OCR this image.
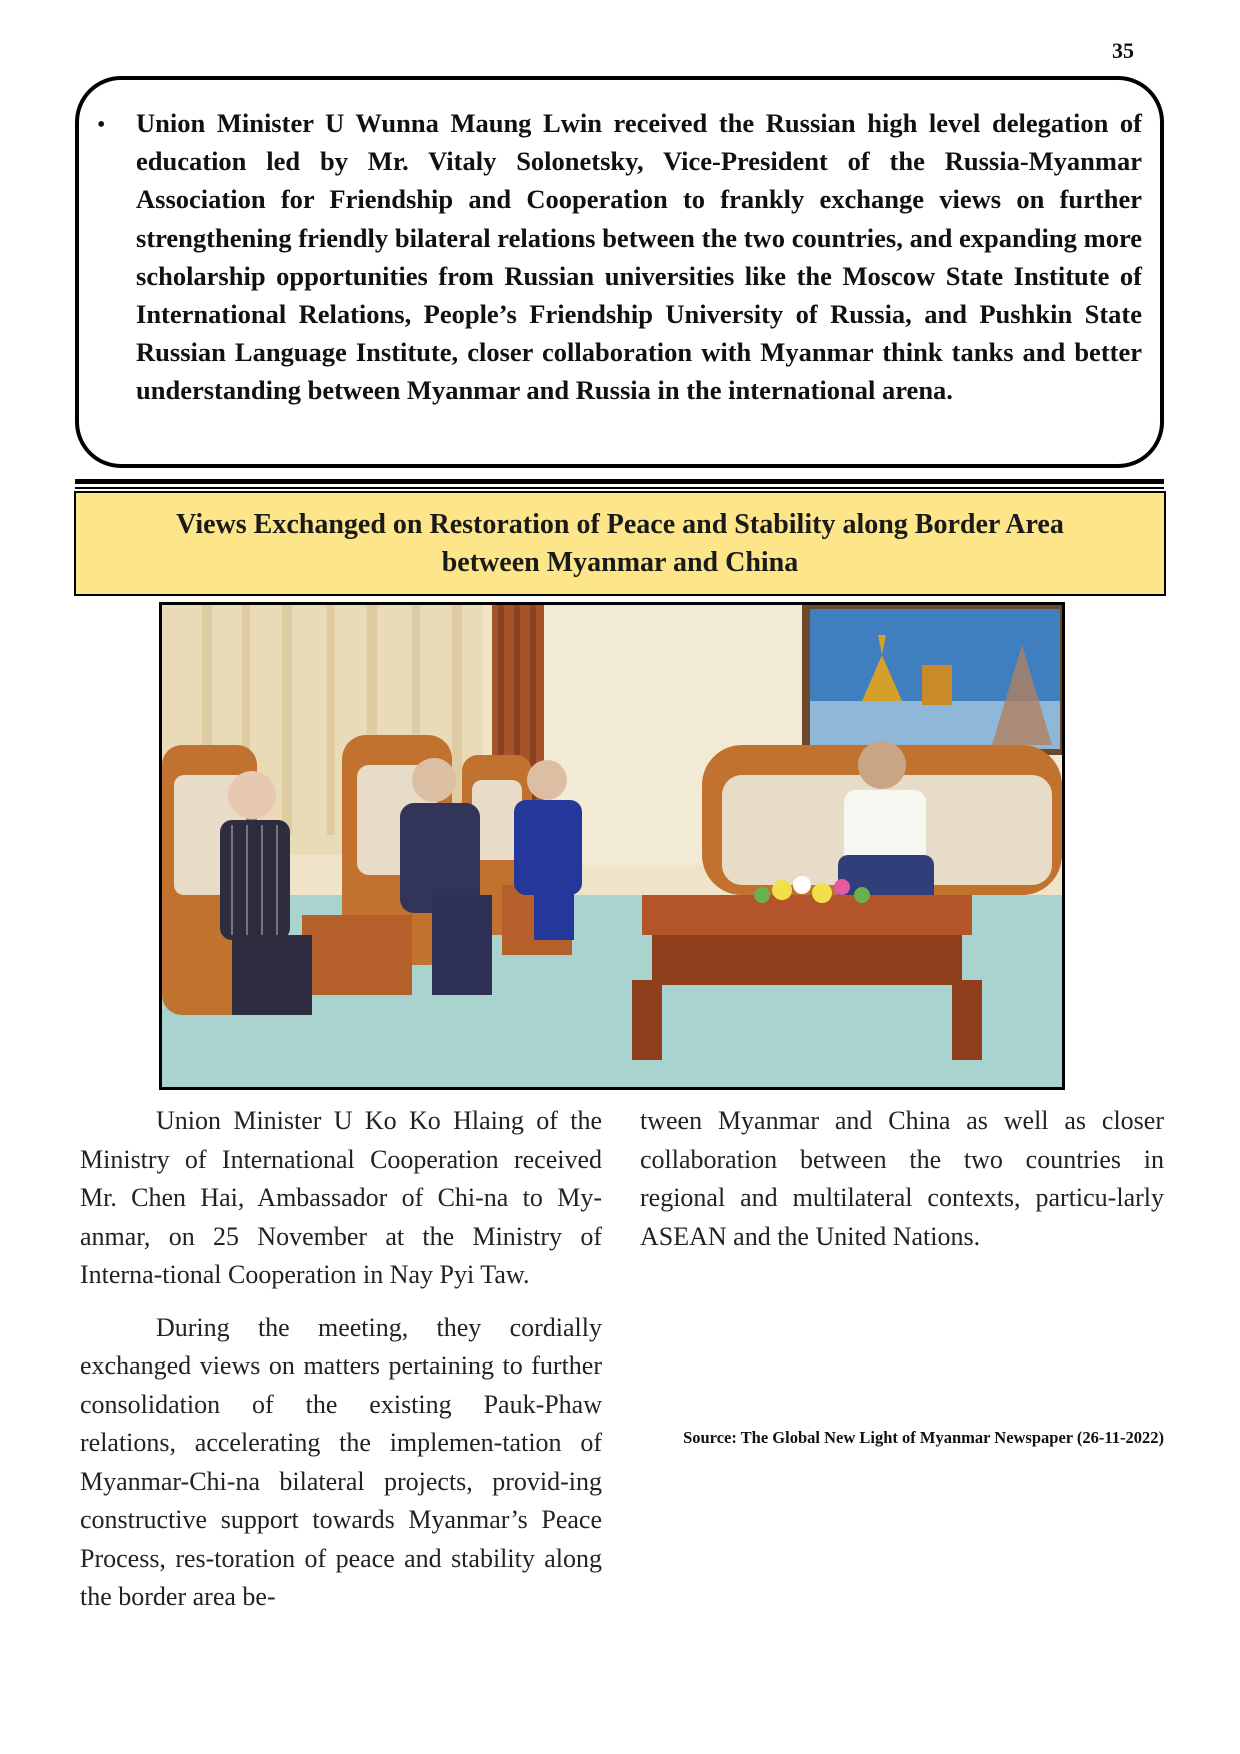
35
• Union Minister U Wunna Maung Lwin received the Russian high level delegation of education led by Mr. Vitaly Solonetsky, Vice-President of the Russia-Myanmar Association for Friendship and Cooperation to frankly exchange views on further strengthening friendly bilateral relations between the two countries, and expanding more scholarship opportunities from Russian universities like the Moscow State Institute of International Relations, People’s Friendship University of Russia, and Pushkin State Russian Language Institute, closer collaboration with Myanmar think tanks and better understanding between Myanmar and Russia in the international arena.

Views Exchanged on Restoration of Peace and Stability along Border Area
between Myanmar and China

Union Minister U Ko Ko Hlaing of the Ministry of International Cooperation received Mr. Chen Hai, Ambassador of Chi-na to My-anmar, on 25 November at the Ministry of Interna-tional Cooperation in Nay Pyi Taw.

During the meeting, they cordially exchanged views on matters pertaining to further consolidation of the existing Pauk-Phaw relations, accelerating the implemen-tation of Myanmar-Chi-na bilateral projects, provid-ing constructive support towards Myanmar’s Peace Process, res-toration of peace and stability along the border area be-

tween Myanmar and China as well as closer collaboration between the two countries in regional and multilateral contexts, particu-larly ASEAN and the United Nations.

Source: The Global New Light of Myanmar Newspaper (26-11-2022)
